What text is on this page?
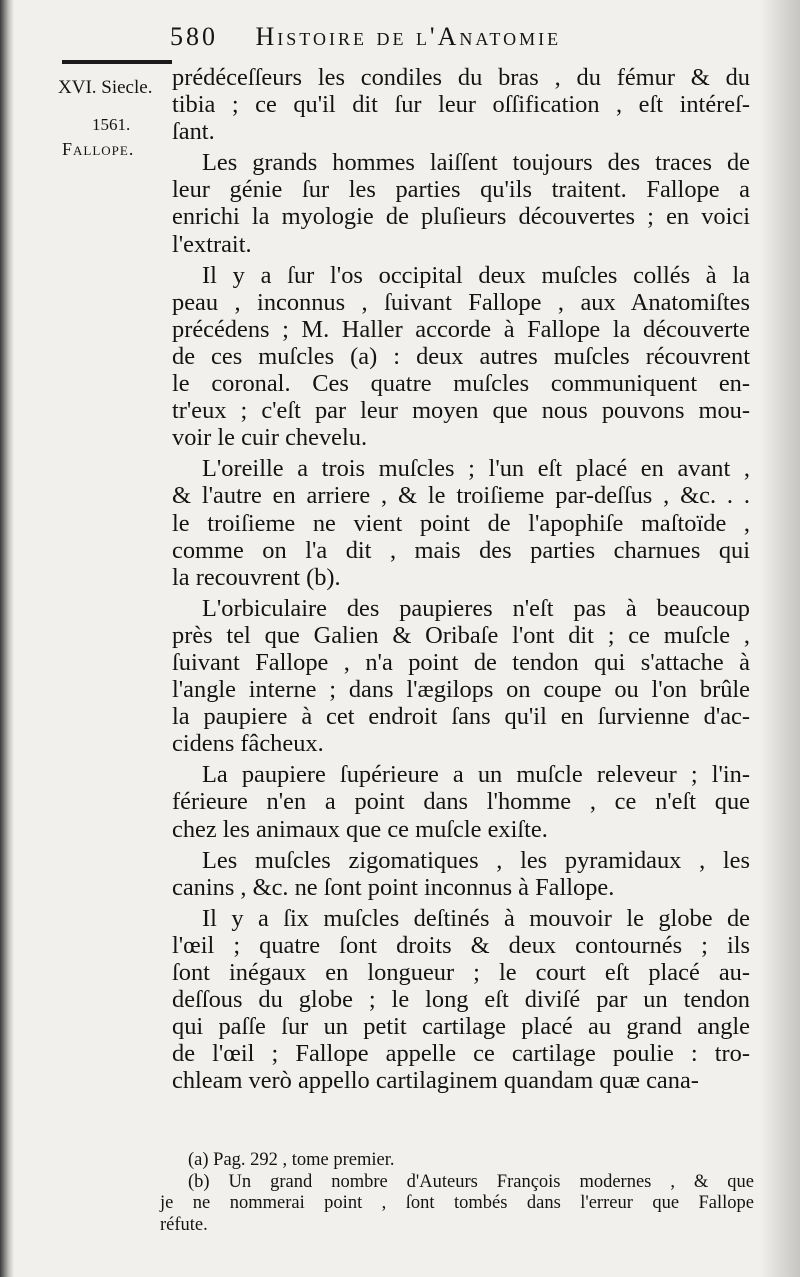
580 Histoire de l'Anatomie
XVI. Siecle.
1561.
Fallope.

prédéceſſeurs les condiles du bras , du fémur & du
tibia ; ce qu'il dit ſur leur oſſification , eſt intéreſ-
ſant.

Les grands hommes laiſſent toujours des traces de
leur génie ſur les parties qu'ils traitent. Fallope a
enrichi la myologie de pluſieurs découvertes ; en voici
l'extrait.

Il y a ſur l'os occipital deux muſcles collés à la
peau , inconnus , ſuivant Fallope , aux Anatomiſtes
précédens ; M. Haller accorde à Fallope la découverte
de ces muſcles (a) : deux autres muſcles récouvrent
le coronal. Ces quatre muſcles communiquent en-
tr'eux ; c'eſt par leur moyen que nous pouvons mou-
voir le cuir chevelu.

L'oreille a trois muſcles ; l'un eſt placé en avant ,
& l'autre en arriere , & le troiſieme par-deſſus , &c. . .
le troiſieme ne vient point de l'apophiſe maſtoïde ,
comme on l'a dit , mais des parties charnues qui
la recouvrent (b).

L'orbiculaire des paupieres n'eſt pas à beaucoup
près tel que Galien & Oribaſe l'ont dit ; ce muſcle ,
ſuivant Fallope , n'a point de tendon qui s'attache à
l'angle interne ; dans l'ægilops on coupe ou l'on brûle
la paupiere à cet endroit ſans qu'il en ſurvienne d'ac-
cidens fâcheux.

La paupiere ſupérieure a un muſcle releveur ; l'in-
férieure n'en a point dans l'homme , ce n'eſt que
chez les animaux que ce muſcle exiſte.

Les muſcles zigomatiques , les pyramidaux , les
canins , &c. ne ſont point inconnus à Fallope.

Il y a ſix muſcles deſtinés à mouvoir le globe de
l'œil ; quatre ſont droits & deux contournés ; ils
ſont inégaux en longueur ; le court eſt placé au-
deſſous du globe ; le long eſt diviſé par un tendon
qui paſſe ſur un petit cartilage placé au grand angle
de l'œil ; Fallope appelle ce cartilage poulie : tro-
chleam verò appello cartilaginem quandam quæ cana-

(a) Pag. 292 , tome premier.
(b) Un grand nombre d'Auteurs François modernes , & que
je ne nommerai point , ſont tombés dans l'erreur que Fallope
réfute.
